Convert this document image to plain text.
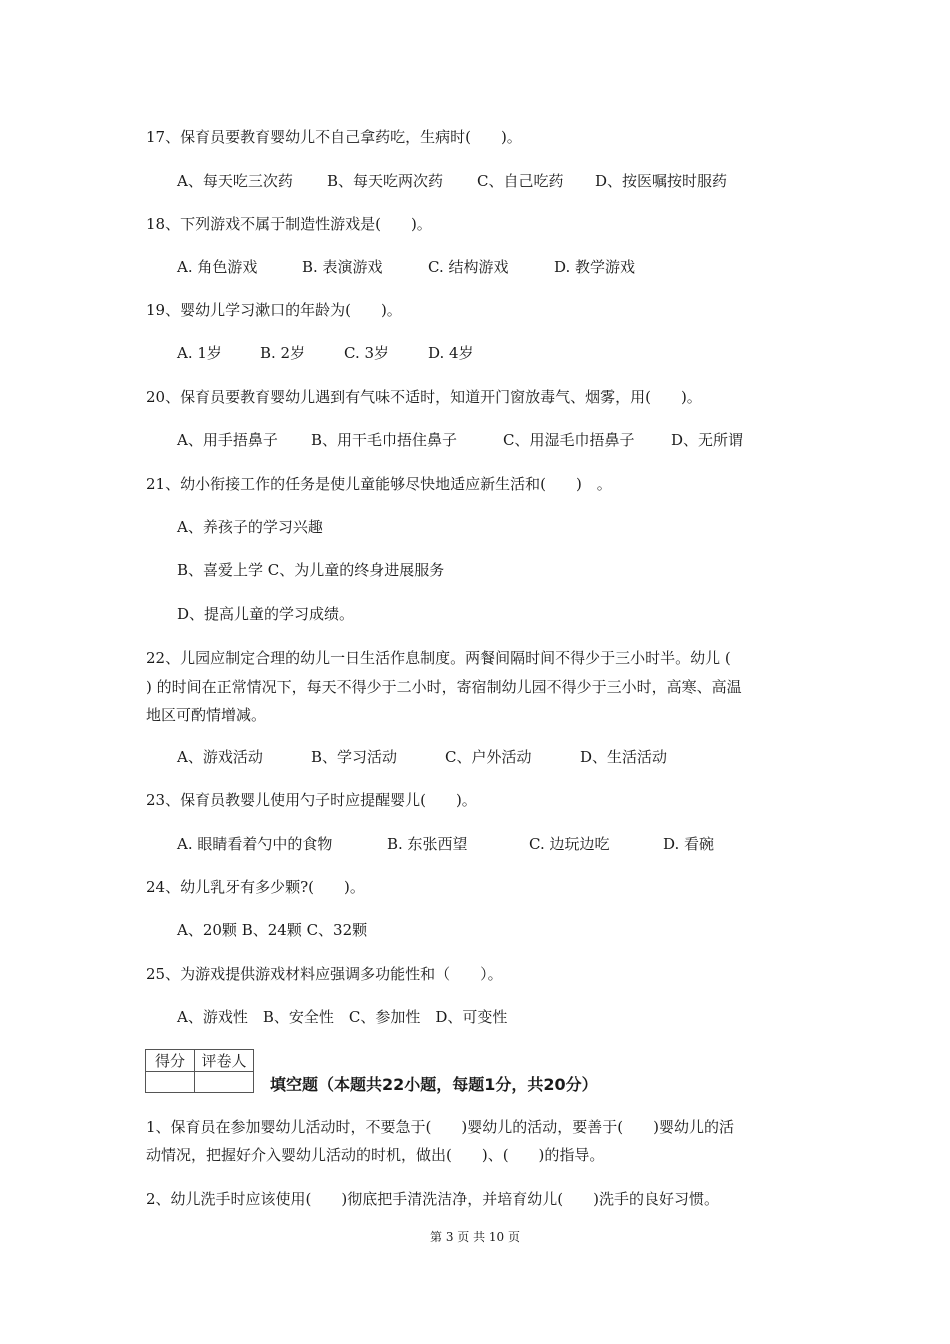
17、保育员要教育婴幼儿不自己拿药吃，生病时(　　)。
A、每天吃三次药 B、每天吃两次药 C、自己吃药 D、按医嘱按时服药
18、下列游戏不属于制造性游戏是(　　)。
A. 角色游戏	B. 表演游戏	C. 结构游戏	D. 教学游戏
19、婴幼儿学习漱口的年龄为(　　)。
A. 1岁	B. 2岁	C. 3岁	D. 4岁
20、保育员要教育婴幼儿遇到有气味不适时，知道开门窗放毒气、烟雾，用(　　)。
A、用手捂鼻子 B、用干毛巾捂住鼻子	C、用湿毛巾捂鼻子 D、无所谓
21、幼小衔接工作的任务是使儿童能够尽快地适应新生活和(　　)　。
A、养孩子的学习兴趣
B、喜爱上学 C、为儿童的终身进展服务
D、提高儿童的学习成绩。
22、儿园应制定合理的幼儿一日生活作息制度。两餐间隔时间不得少于三小时半。幼儿 (
) 的时间在正常情况下，每天不得少于二小时，寄宿制幼儿园不得少于三小时，高寒、高温
地区可酌情增减。
A、游戏活动	B、学习活动	C、户外活动	D、生活活动
23、保育员教婴儿使用勺子时应提醒婴儿(　　)。
A. 眼睛看着勺中的食物	B. 东张西望	C. 边玩边吃	D. 看碗
24、幼儿乳牙有多少颗?(　　)。
A、20颗 B、24颗 C、32颗
25、为游戏提供游戏材料应强调多功能性和（　　）。
A、游戏性　B、安全性　C、参加性　D、可变性
得分	评卷人

填空题（本题共22小题，每题1分，共20分）
1、保育员在参加婴幼儿活动时，不要急于(　　)婴幼儿的活动，要善于(　　)婴幼儿的活
动情况，把握好介入婴幼儿活动的时机，做出(　　)、(　　)的指导。
2、幼儿洗手时应该使用(　　)彻底把手清洗洁净，并培育幼儿(　　)洗手的良好习惯。
第 3 页 共 10 页
